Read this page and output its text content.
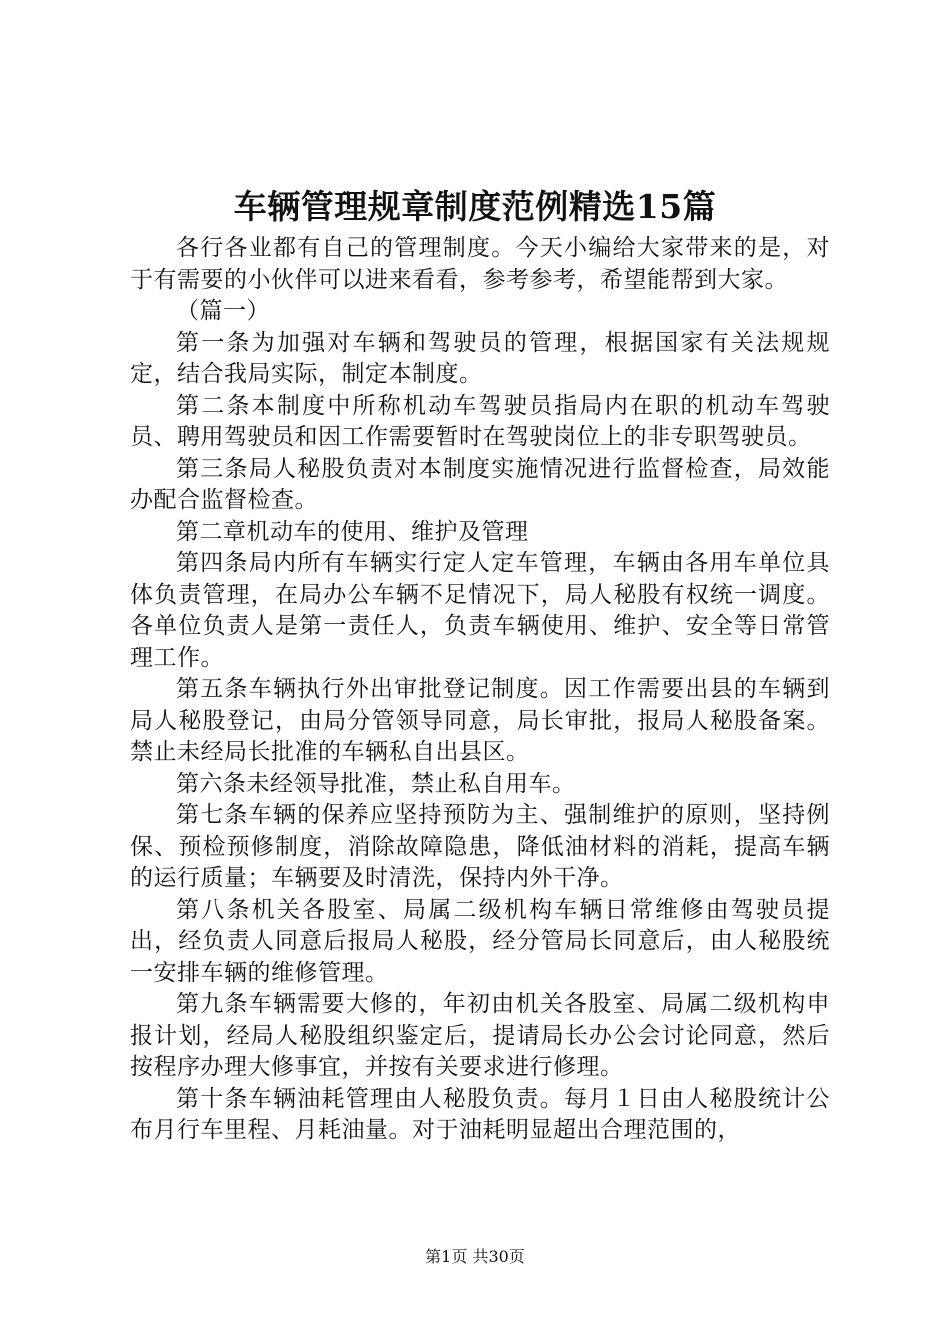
车辆管理规章制度范例精选15篇

各行各业都有自己的管理制度。今天小编给大家带来的是，对于有需要的小伙伴可以进来看看，参考参考，希望能帮到大家。

（篇一）

第一条为加强对车辆和驾驶员的管理，根据国家有关法规规定，结合我局实际，制定本制度。

第二条本制度中所称机动车驾驶员指局内在职的机动车驾驶员、聘用驾驶员和因工作需要暂时在驾驶岗位上的非专职驾驶员。

第三条局人秘股负责对本制度实施情况进行监督检查，局效能办配合监督检查。

第二章机动车的使用、维护及管理

第四条局内所有车辆实行定人定车管理，车辆由各用车单位具体负责管理，在局办公车辆不足情况下，局人秘股有权统一调度。各单位负责人是第一责任人，负责车辆使用、维护、安全等日常管理工作。

第五条车辆执行外出审批登记制度。因工作需要出县的车辆到局人秘股登记，由局分管领导同意，局长审批，报局人秘股备案。禁止未经局长批准的车辆私自出县区。

第六条未经领导批准，禁止私自用车。

第七条车辆的保养应坚持预防为主、强制维护的原则，坚持例保、预检预修制度，消除故障隐患，降低油材料的消耗，提高车辆的运行质量；车辆要及时清洗，保持内外干净。

第八条机关各股室、局属二级机构车辆日常维修由驾驶员提出，经负责人同意后报局人秘股，经分管局长同意后，由人秘股统一安排车辆的维修管理。

第九条车辆需要大修的，年初由机关各股室、局属二级机构申报计划，经局人秘股组织鉴定后，提请局长办公会讨论同意，然后按程序办理大修事宜，并按有关要求进行修理。

第十条车辆油耗管理由人秘股负责。每月１日由人秘股统计公布月行车里程、月耗油量。对于油耗明显超出合理范围的，

第1页 共30页
